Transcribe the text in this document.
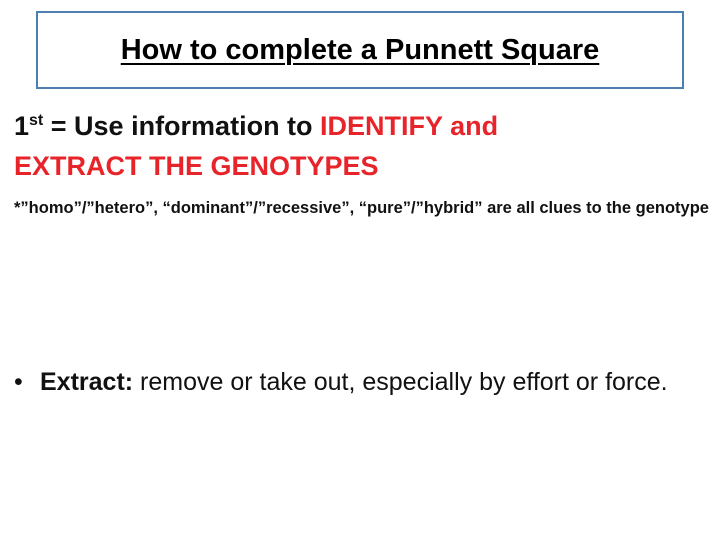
How to complete a Punnett Square
1st = Use information to IDENTIFY and
EXTRACT THE GENOTYPES
*”homo”/”hetero”, “dominant”/”recessive”, “pure”/”hybrid” are all clues to the genotype
• Extract: remove or take out, especially by effort or force.
